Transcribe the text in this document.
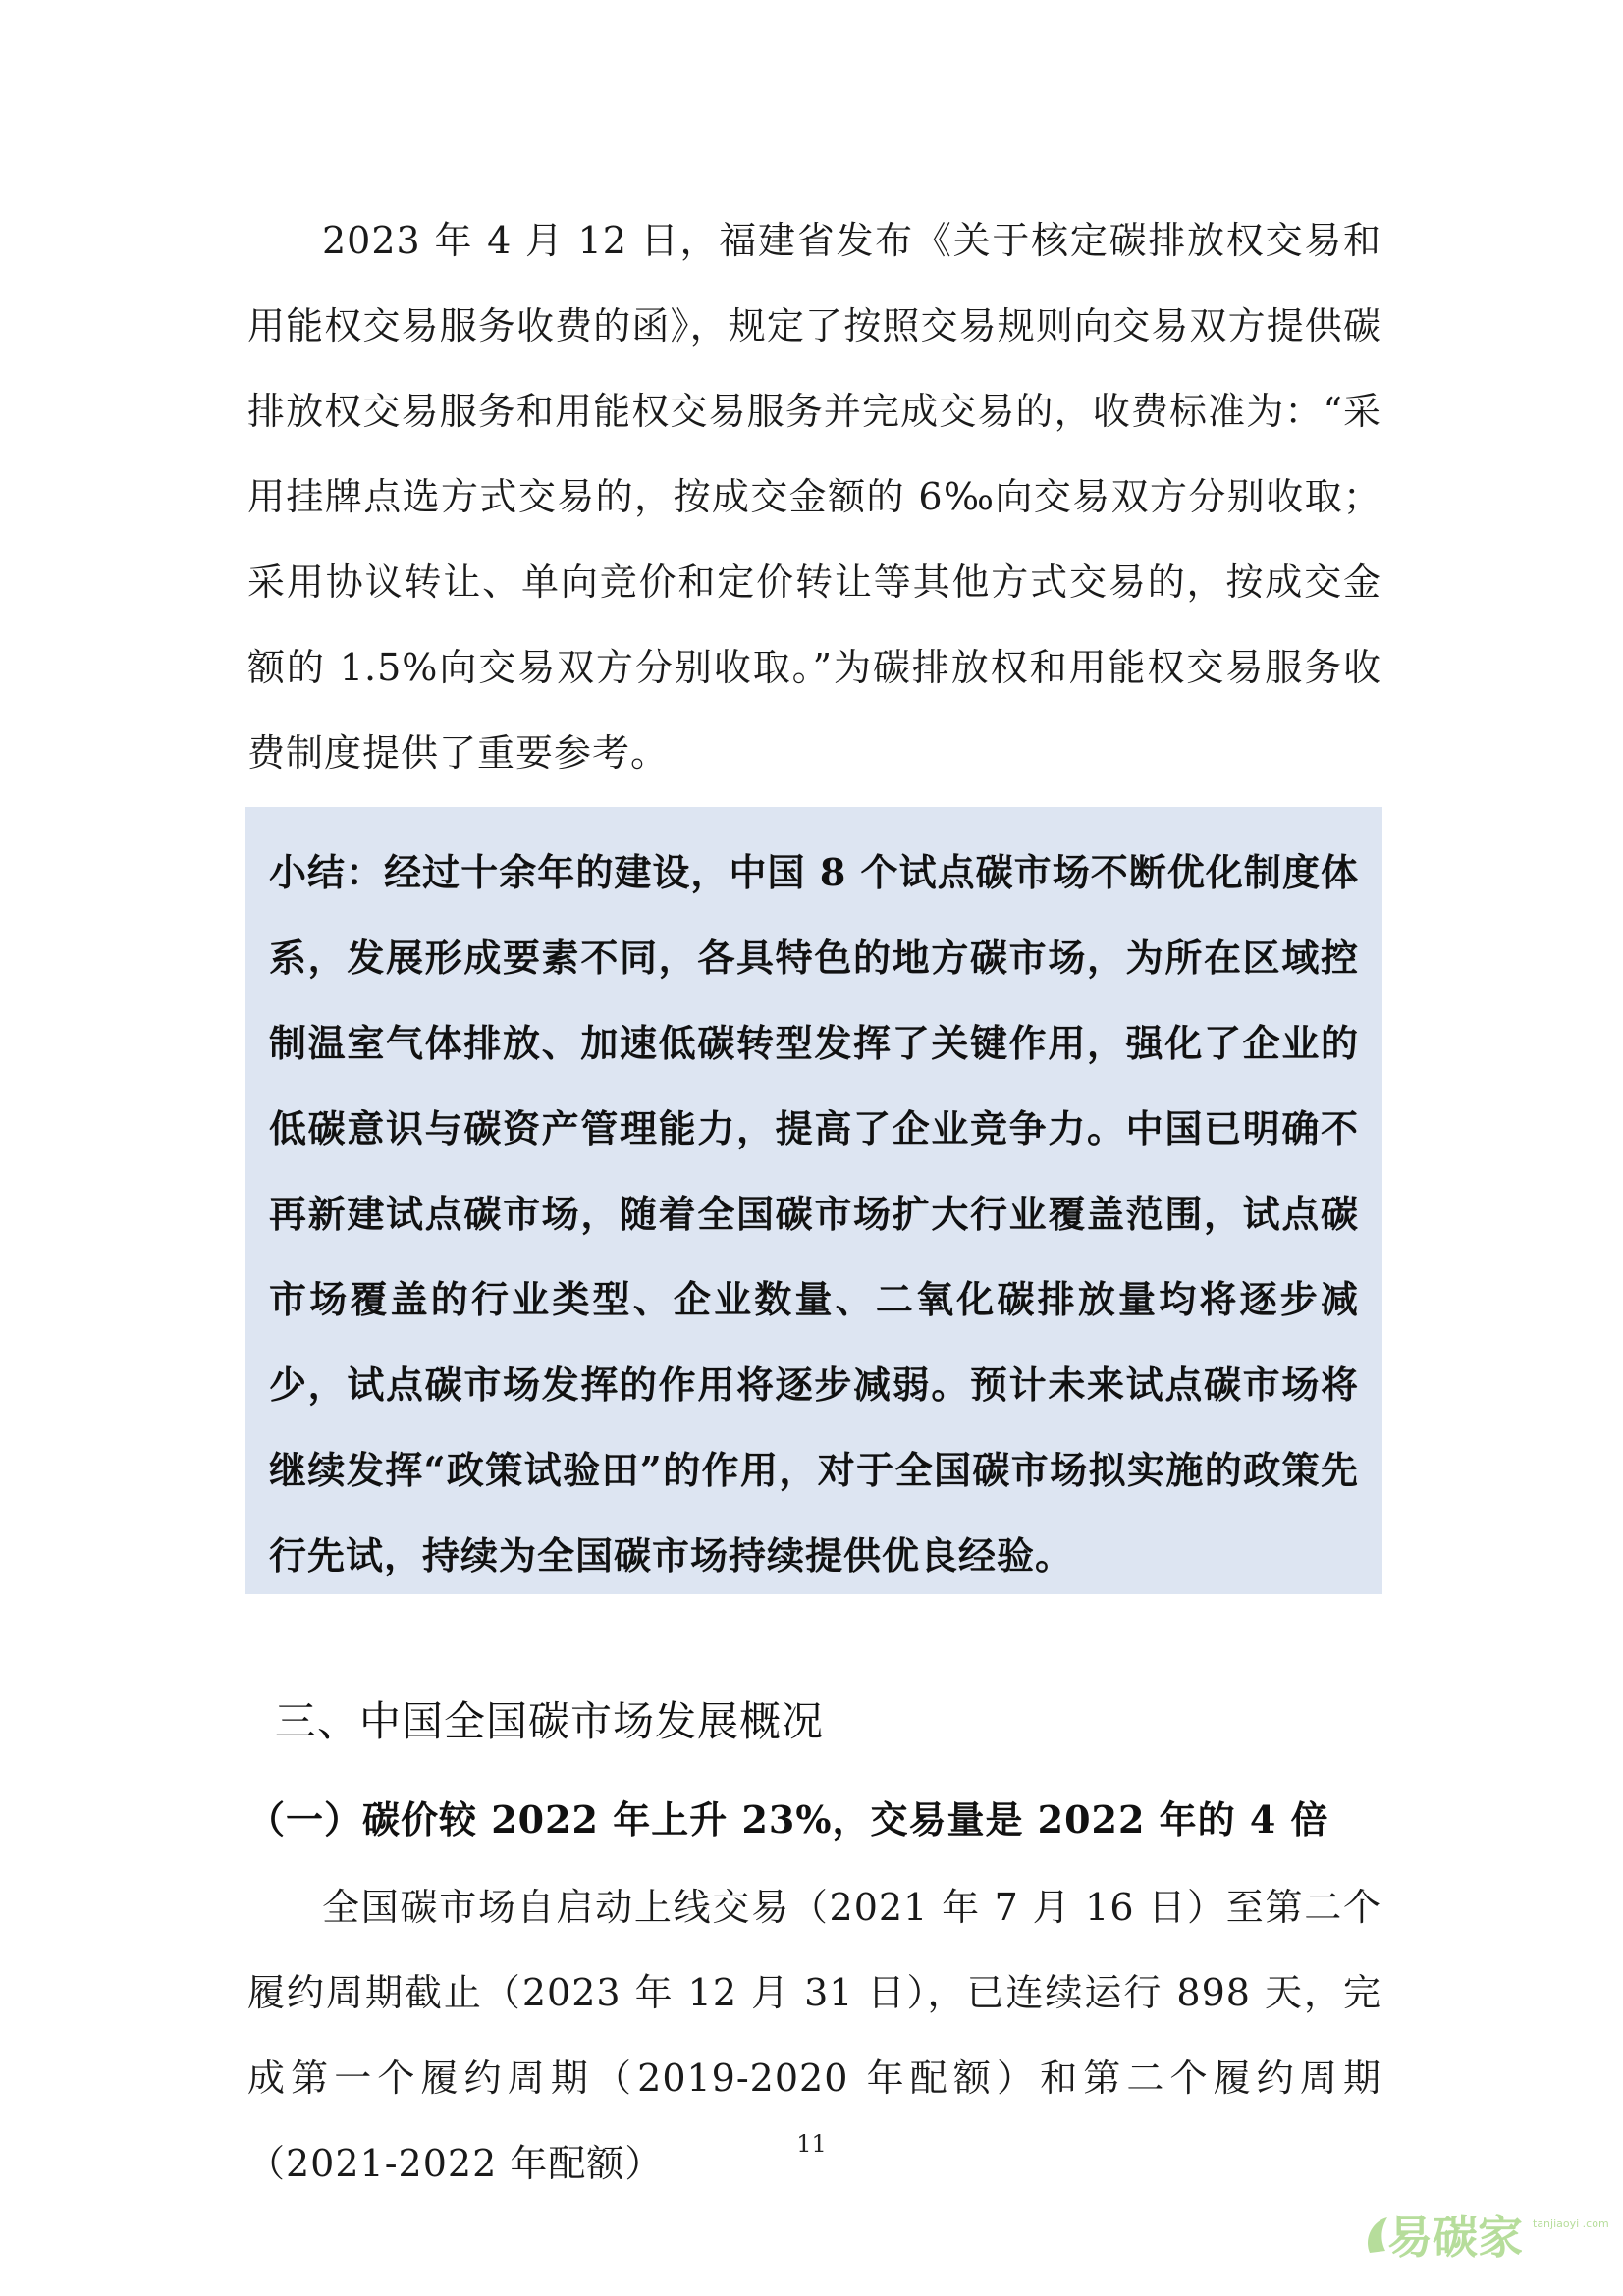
2023 年 4 月 12 日，福建省发布《关于核定碳排放权交易和用能权交易服务收费的函》，规定了按照交易规则向交易双方提供碳排放权交易服务和用能权交易服务并完成交易的，收费标准为：“采用挂牌点选方式交易的，按成交金额的 6‰向交易双方分别收取；采用协议转让、单向竞价和定价转让等其他方式交易的，按成交金额的 1.5%向交易双方分别收取。”为碳排放权和用能权交易服务收费制度提供了重要参考。

小结：经过十余年的建设，中国 8 个试点碳市场不断优化制度体系，发展形成要素不同，各具特色的地方碳市场，为所在区域控制温室气体排放、加速低碳转型发挥了关键作用，强化了企业的低碳意识与碳资产管理能力，提高了企业竞争力。中国已明确不再新建试点碳市场，随着全国碳市场扩大行业覆盖范围，试点碳市场覆盖的行业类型、企业数量、二氧化碳排放量均将逐步减少，试点碳市场发挥的作用将逐步减弱。预计未来试点碳市场将继续发挥“政策试验田”的作用，对于全国碳市场拟实施的政策先行先试，持续为全国碳市场持续提供优良经验。

三、中国全国碳市场发展概况
（一）碳价较 2022 年上升 23%，交易量是 2022 年的 4 倍

全国碳市场自启动上线交易（2021 年 7 月 16 日）至第二个履约周期截止（2023 年 12 月 31 日），已连续运行 898 天，完成第一个履约周期（2019-2020 年配额）和第二个履约周期（2021-2022 年配额）	11
易碳家 tanjiaoyi .com
